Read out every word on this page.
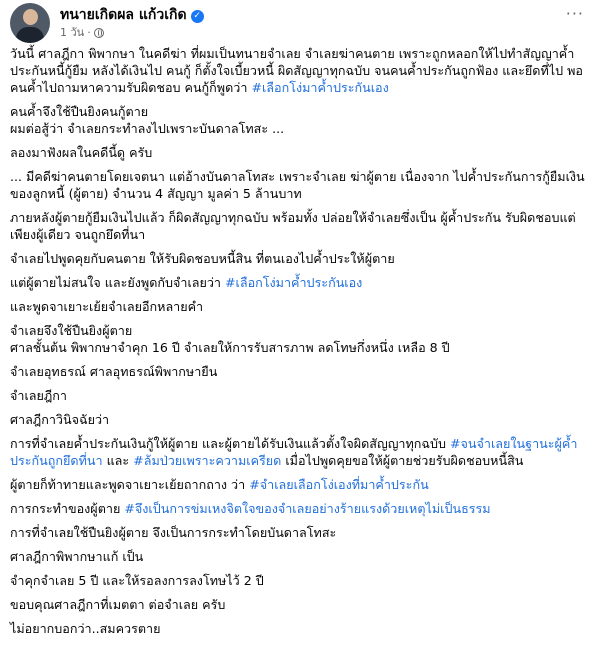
ทนายเกิดผล แก้วเกิด ✓
1 วัน ·
···

วันนี้ ศาลฎีกา พิพากษา ในคดีฆ่า ที่ผมเป็นทนายจำเลย จำเลยฆ่าคนตาย เพราะถูกหลอกให้ไปทำสัญญาค้ำ ประกันหนี้กู้ยืม หลังได้เงินไป คนกู้ ก็ตั้งใจเบี้ยวหนี้ ผิดสัญญาทุกฉบับ จนคนค้ำประกันถูกฟ้อง และยึดที่ไป พอคนค้ำไปถามหาความรับผิดชอบ คนกู้ก็พูดว่า #เลือกโง่มาค้ำประกันเอง

คนค้ำจึงใช้ปืนยิงคนกู้ตาย
ผมต่อสู้ว่า จำเลยกระทำลงไปเพราะบันดาลโทสะ ...

ลองมาฟังผลในคดีนี้ดู ครับ

... มีคดีฆ่าคนตายโดยเจตนา แต่อ้างบันดาลโทสะ เพราะจำเลย ฆ่าผู้ตาย เนื่องจาก ไปค้ำประกันการกู้ยืมเงิน ของลูกหนี้ (ผู้ตาย) จำนวน 4 สัญญา มูลค่า 5 ล้านบาท

ภายหลังผู้ตายกู้ยืมเงินไปแล้ว ก็ผิดสัญญาทุกฉบับ พร้อมทั้ง ปล่อยให้จำเลยซึ่งเป็น ผู้ค้ำประกัน รับผิดชอบแต่เพียงผู้เดียว จนถูกยึดที่นา

จำเลยไปพูดคุยกับคนตาย ให้รับผิดชอบหนี้สิน ที่ตนเองไปค้ำประให้ผู้ตาย

แต่ผู้ตายไม่สนใจ และยังพูดกับจำเลยว่า #เลือกโง่มาค้ำประกันเอง

และพูดจาเยาะเย้ยจำเลยอีกหลายคำ

จำเลยจึงใช้ปืนยิงผู้ตาย
ศาลชั้นต้น พิพากษาจำคุก 16 ปี จำเลยให้การรับสารภาพ ลดโทษกึ่งหนึ่ง เหลือ 8 ปี

จำเลยอุทธรณ์ ศาลอุทธรณ์พิพากษายืน

จำเลยฎีกา

ศาลฎีกาวินิจฉัยว่า

การที่จำเลยค้ำประกันเงินกู้ให้ผู้ตาย และผู้ตายได้รับเงินแล้วตั้งใจผิดสัญญาทุกฉบับ #จนจำเลยในฐานะผู้ค้ำประกันถูกยึดที่นา และ #ล้มป่วยเพราะความเครียด เมื่อไปพูดคุยขอให้ผู้ตายช่วยรับผิดชอบหนี้สิน

ผู้ตายก็ท้าทายและพูดจาเยาะเย้ยถากถาง ว่า #จำเลยเลือกโง่เองที่มาค้ำประกัน

การกระทำของผู้ตาย #จึงเป็นการข่มเหงจิตใจของจำเลยอย่างร้ายแรงด้วยเหตุไม่เป็นธรรม

การที่จำเลยใช้ปืนยิงผู้ตาย จึงเป็นการกระทำโดยบันดาลโทสะ

ศาลฎีกาพิพากษาแก้ เป็น

จำคุกจำเลย 5 ปี และให้รอลงการลงโทษไว้ 2 ปี

ขอบคุณศาลฎีกาที่เมตตา ต่อจำเลย ครับ

ไม่อยากบอกว่า..สมควรตาย
